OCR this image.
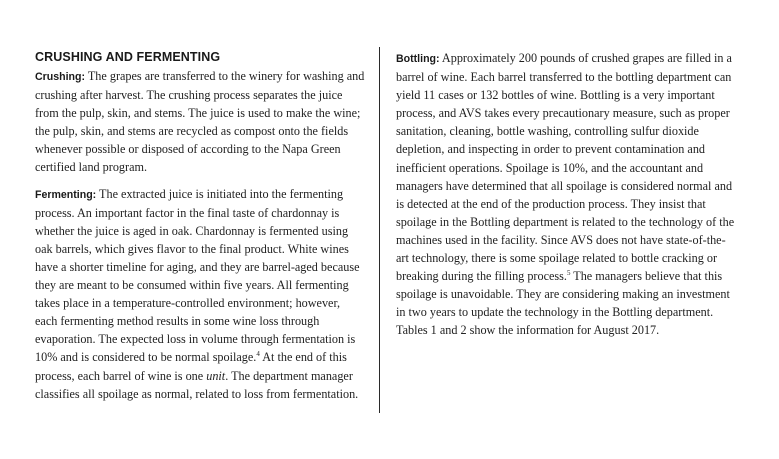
CRUSHING AND FERMENTING

Crushing: The grapes are transferred to the winery for washing and crushing after harvest. The crushing process separates the juice from the pulp, skin, and stems. The juice is used to make the wine; the pulp, skin, and stems are recycled as compost onto the fields whenever possible or disposed of according to the Napa Green certified land program.

Fermenting: The extracted juice is initiated into the fermenting process. An important factor in the final taste of chardonnay is whether the juice is aged in oak. Chardonnay is fermented using oak barrels, which gives flavor to the final product. White wines have a shorter timeline for aging, and they are barrel-aged because they are meant to be consumed within five years. All fermenting takes place in a temperature-controlled environment; however, each fermenting method results in some wine loss through evaporation. The expected loss in volume through fermentation is 10% and is considered to be normal spoilage.$^4$ At the end of this process, each barrel of wine is one unit. The department manager classifies all spoilage as normal, related to loss from fermentation.

Bottling: Approximately 200 pounds of crushed grapes are filled in a barrel of wine. Each barrel transferred to the bottling department can yield 11 cases or 132 bottles of wine. Bottling is a very important process, and AVS takes every precautionary measure, such as proper sanitation, cleaning, bottle washing, controlling sulfur dioxide depletion, and inspecting in order to prevent contamination and inefficient operations. Spoilage is 10%, and the accountant and managers have determined that all spoilage is considered normal and is detected at the end of the production process. They insist that spoilage in the Bottling department is related to the technology of the machines used in the facility. Since AVS does not have state-of-the-art technology, there is some spoilage related to bottle cracking or breaking during the filling process.$^5$ The managers believe that this spoilage is unavoidable. They are considering making an investment in two years to update the technology in the Bottling department. Tables 1 and 2 show the information for August 2017.
